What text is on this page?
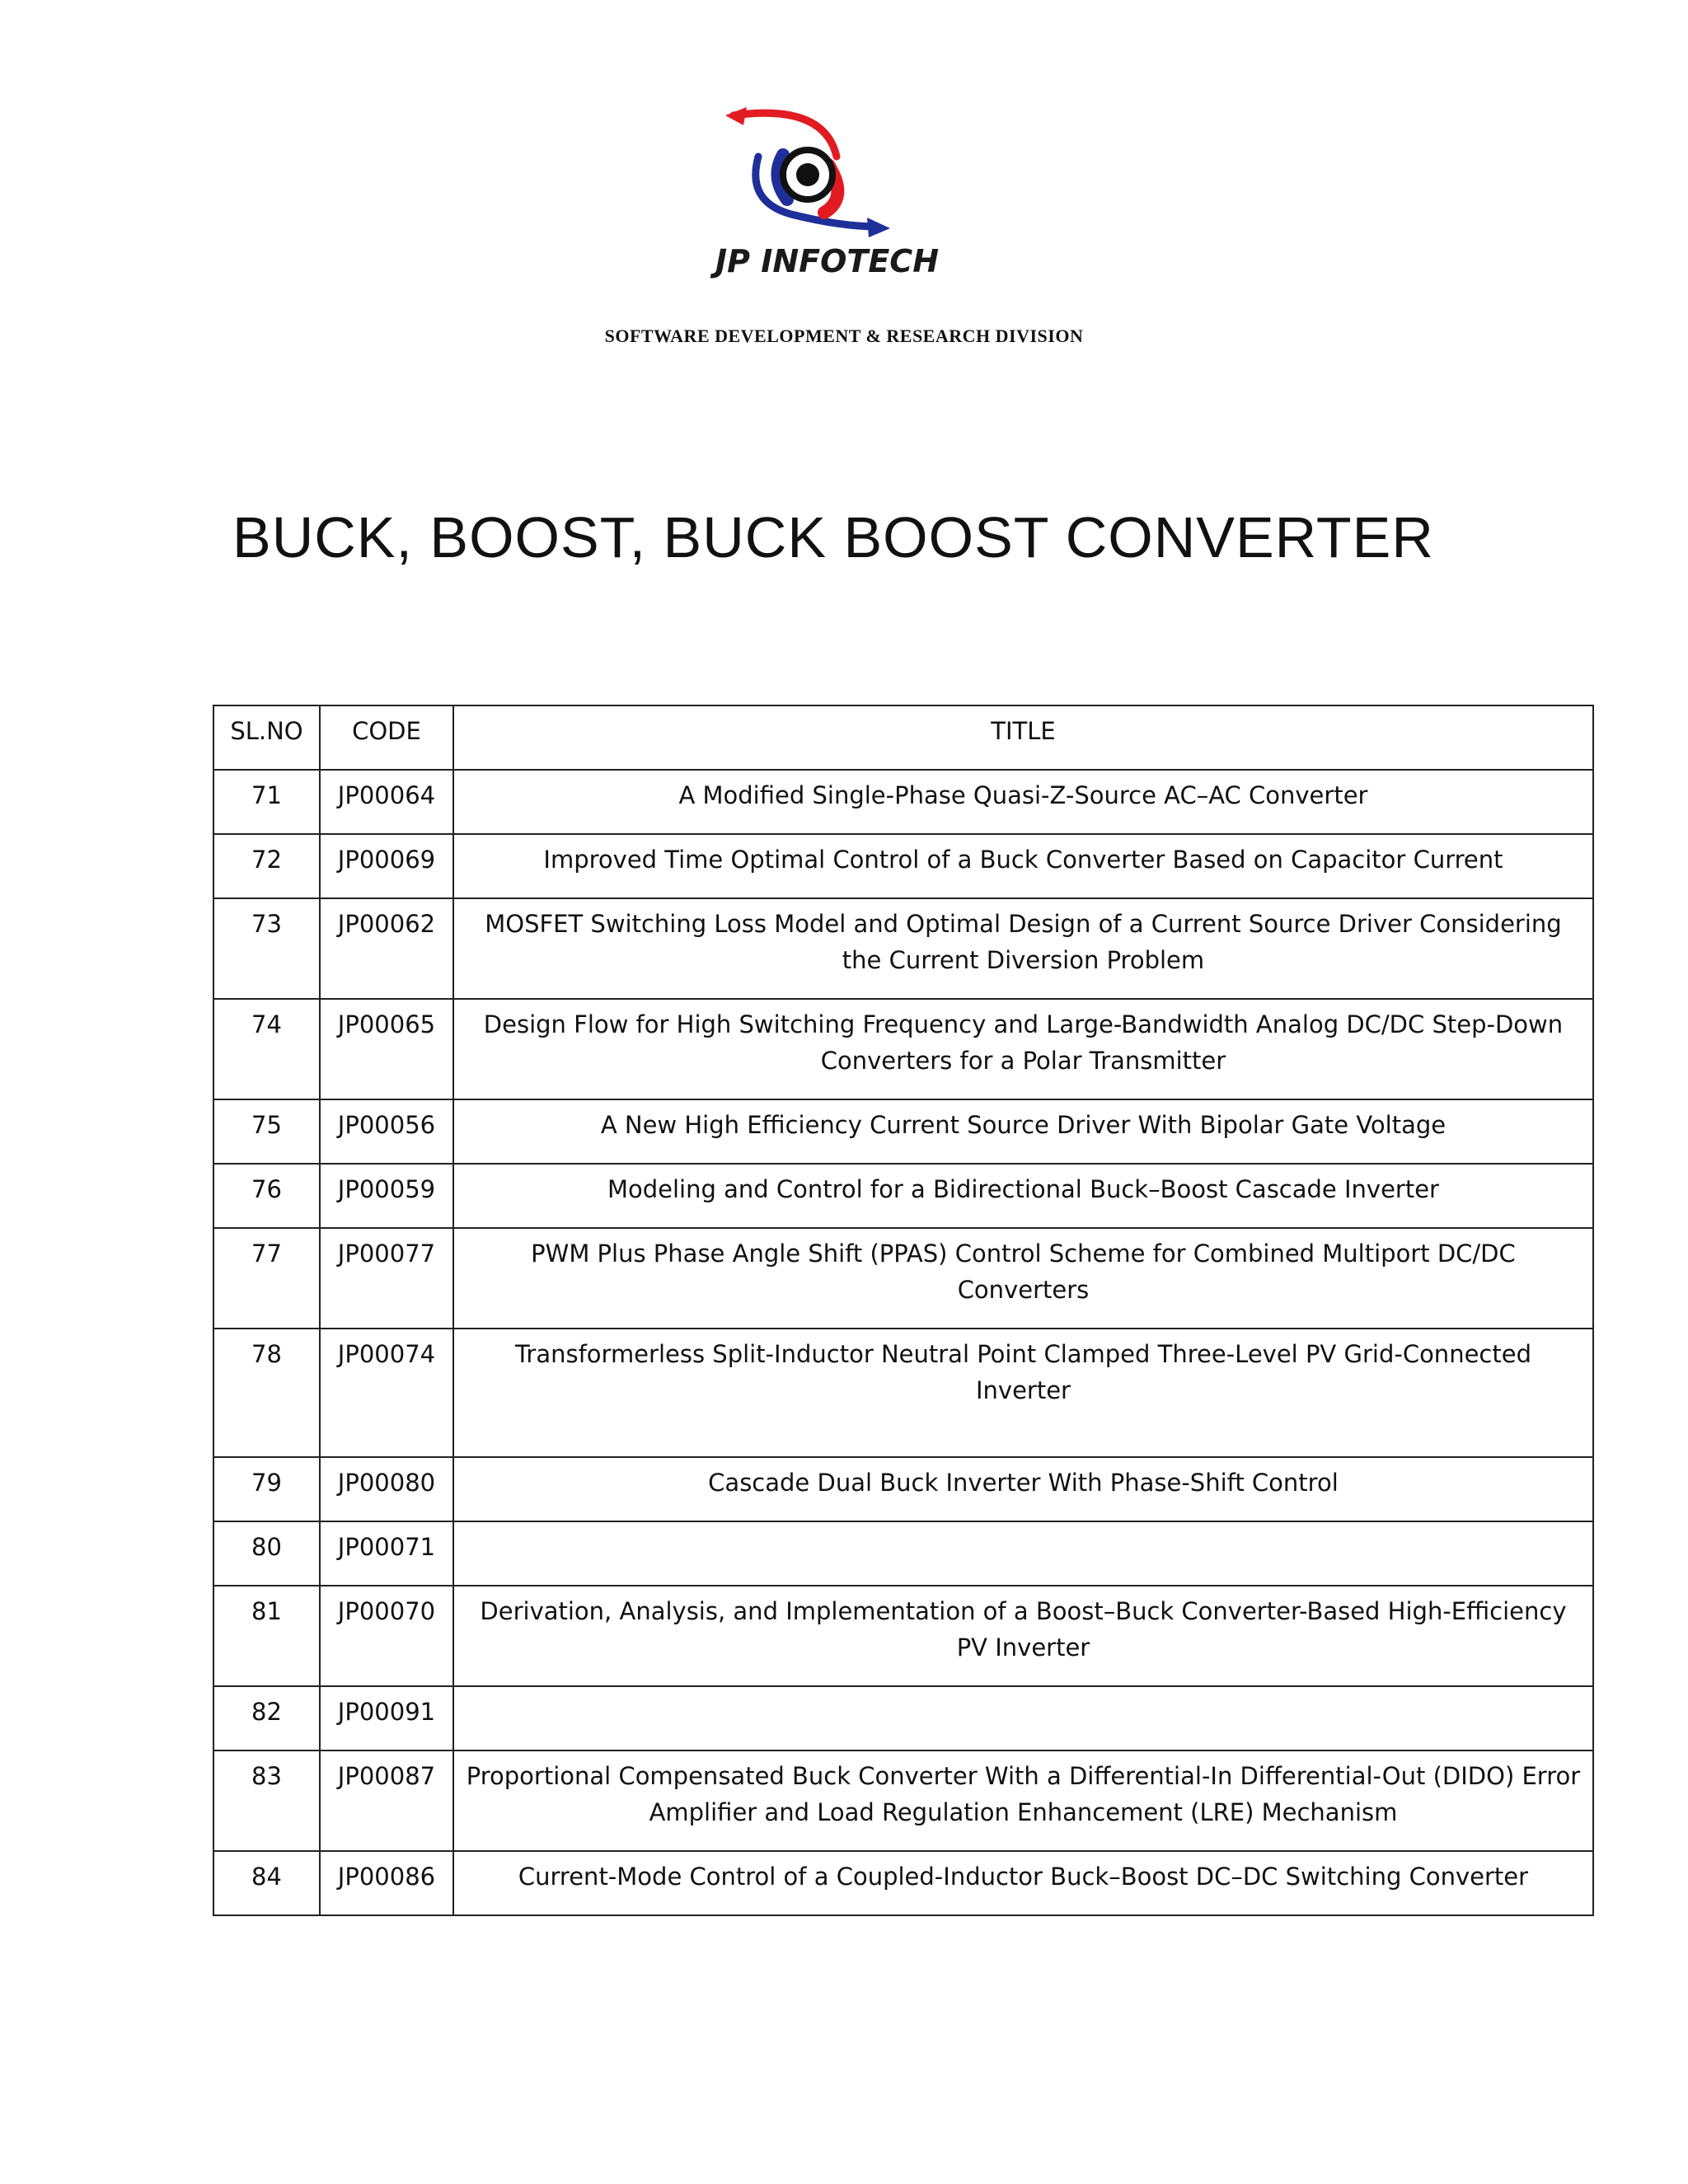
JP INFOTECH
SOFTWARE DEVELOPMENT & RESEARCH DIVISION
BUCK, BOOST, BUCK BOOST CONVERTER
SL.NO	CODE	TITLE
71	JP00064	A Modified Single-Phase Quasi-Z-Source AC–AC Converter
72	JP00069	Improved Time Optimal Control of a Buck Converter Based on Capacitor Current
73	JP00062	MOSFET Switching Loss Model and Optimal Design of a Current Source Driver Considering the Current Diversion Problem
74	JP00065	Design Flow for High Switching Frequency and Large-Bandwidth Analog DC/DC Step-Down Converters for a Polar Transmitter
75	JP00056	A New High Efficiency Current Source Driver With Bipolar Gate Voltage
76	JP00059	Modeling and Control for a Bidirectional Buck–Boost Cascade Inverter
77	JP00077	PWM Plus Phase Angle Shift (PPAS) Control Scheme for Combined Multiport DC/DC Converters
78	JP00074	Transformerless Split-Inductor Neutral Point Clamped Three-Level PV Grid-Connected Inverter
79	JP00080	Cascade Dual Buck Inverter With Phase-Shift Control
80	JP00071	
81	JP00070	Derivation, Analysis, and Implementation of a Boost–Buck Converter-Based High-Efficiency PV Inverter
82	JP00091	
83	JP00087	Proportional Compensated Buck Converter With a Differential-In Differential-Out (DIDO) Error Amplifier and Load Regulation Enhancement (LRE) Mechanism
84	JP00086	Current-Mode Control of a Coupled-Inductor Buck–Boost DC–DC Switching Converter
